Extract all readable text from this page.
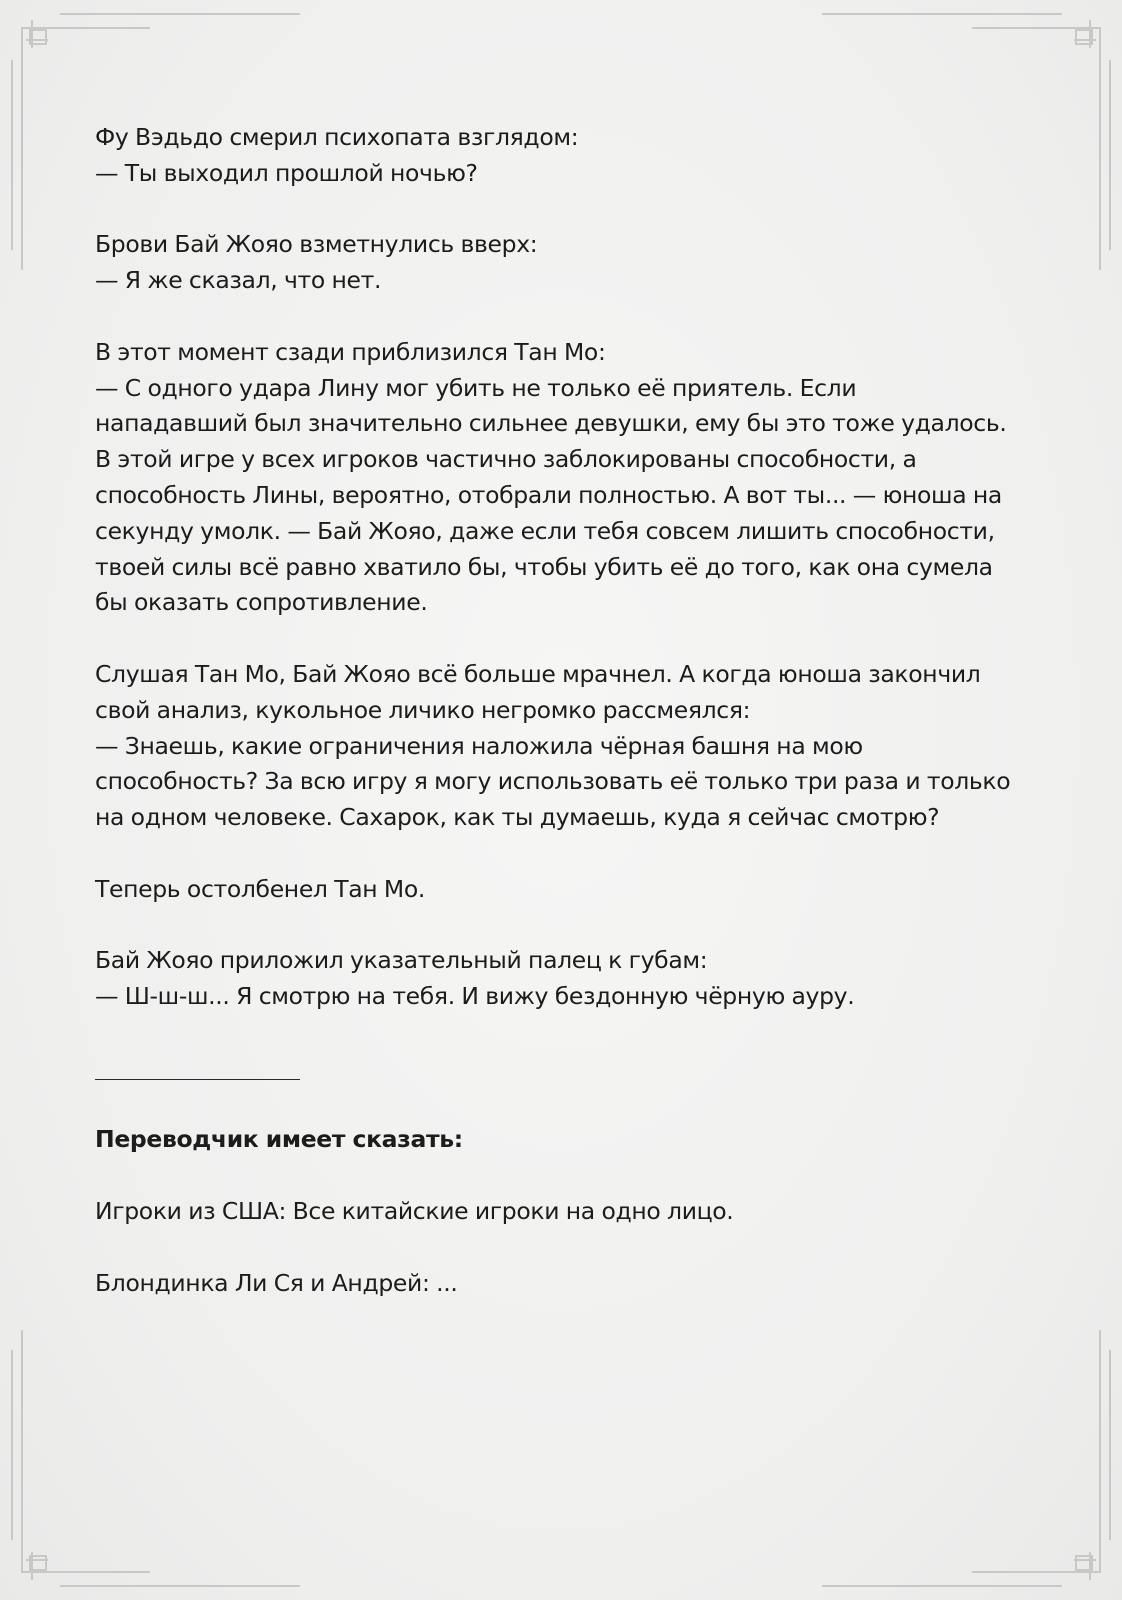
Фу Вэдьдо смерил психопата взглядом:
— Ты выходил прошлой ночью?

Брови Бай Жояо взметнулись вверх:
— Я же сказал, что нет.

В этот момент сзади приблизился Тан Мо:
— С одного удара Лину мог убить не только её приятель. Если
нападавший был значительно сильнее девушки, ему бы это тоже удалось.
В этой игре у всех игроков частично заблокированы способности, а
способность Лины, вероятно, отобрали полностью. А вот ты... — юноша на
секунду умолк. — Бай Жояо, даже если тебя совсем лишить способности,
твоей силы всё равно хватило бы, чтобы убить её до того, как она сумела
бы оказать сопротивление.

Слушая Тан Мо, Бай Жояо всё больше мрачнел. А когда юноша закончил
свой анализ, кукольное личико негромко рассмеялся:
— Знаешь, какие ограничения наложила чёрная башня на мою
способность? За всю игру я могу использовать её только три раза и только
на одном человеке. Сахарок, как ты думаешь, куда я сейчас смотрю?

Теперь остолбенел Тан Мо.

Бай Жояо приложил указательный палец к губам:
— Ш-ш-ш... Я смотрю на тебя. И вижу бездонную чёрную ауру.

Переводчик имеет сказать:

Игроки из США: Все китайские игроки на одно лицо.

Блондинка Ли Ся и Андрей: ...
